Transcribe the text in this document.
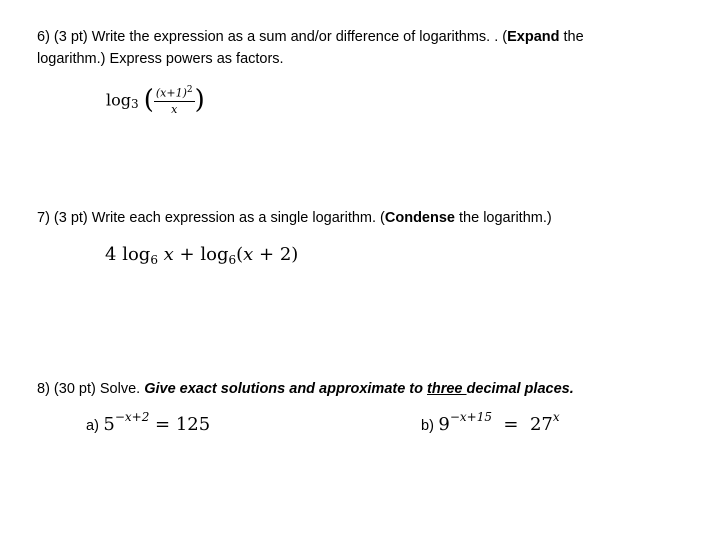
6) (3 pt) Write the expression as a sum and/or difference of logarithms. . (Expand the
logarithm.) Express powers as factors.
$\log_3$ ( $\frac{(x+1)^2}{x}$ )
7) (3 pt) Write each expression as a single logarithm. (Condense the logarithm.)
4 $\log_6 x + \log_6(x + 2)$
8) (30 pt) Solve. Give exact solutions and approximate to three decimal places.
a) $5^{-x+2} = 125$	b) $9^{-x+15} = 27^x$
